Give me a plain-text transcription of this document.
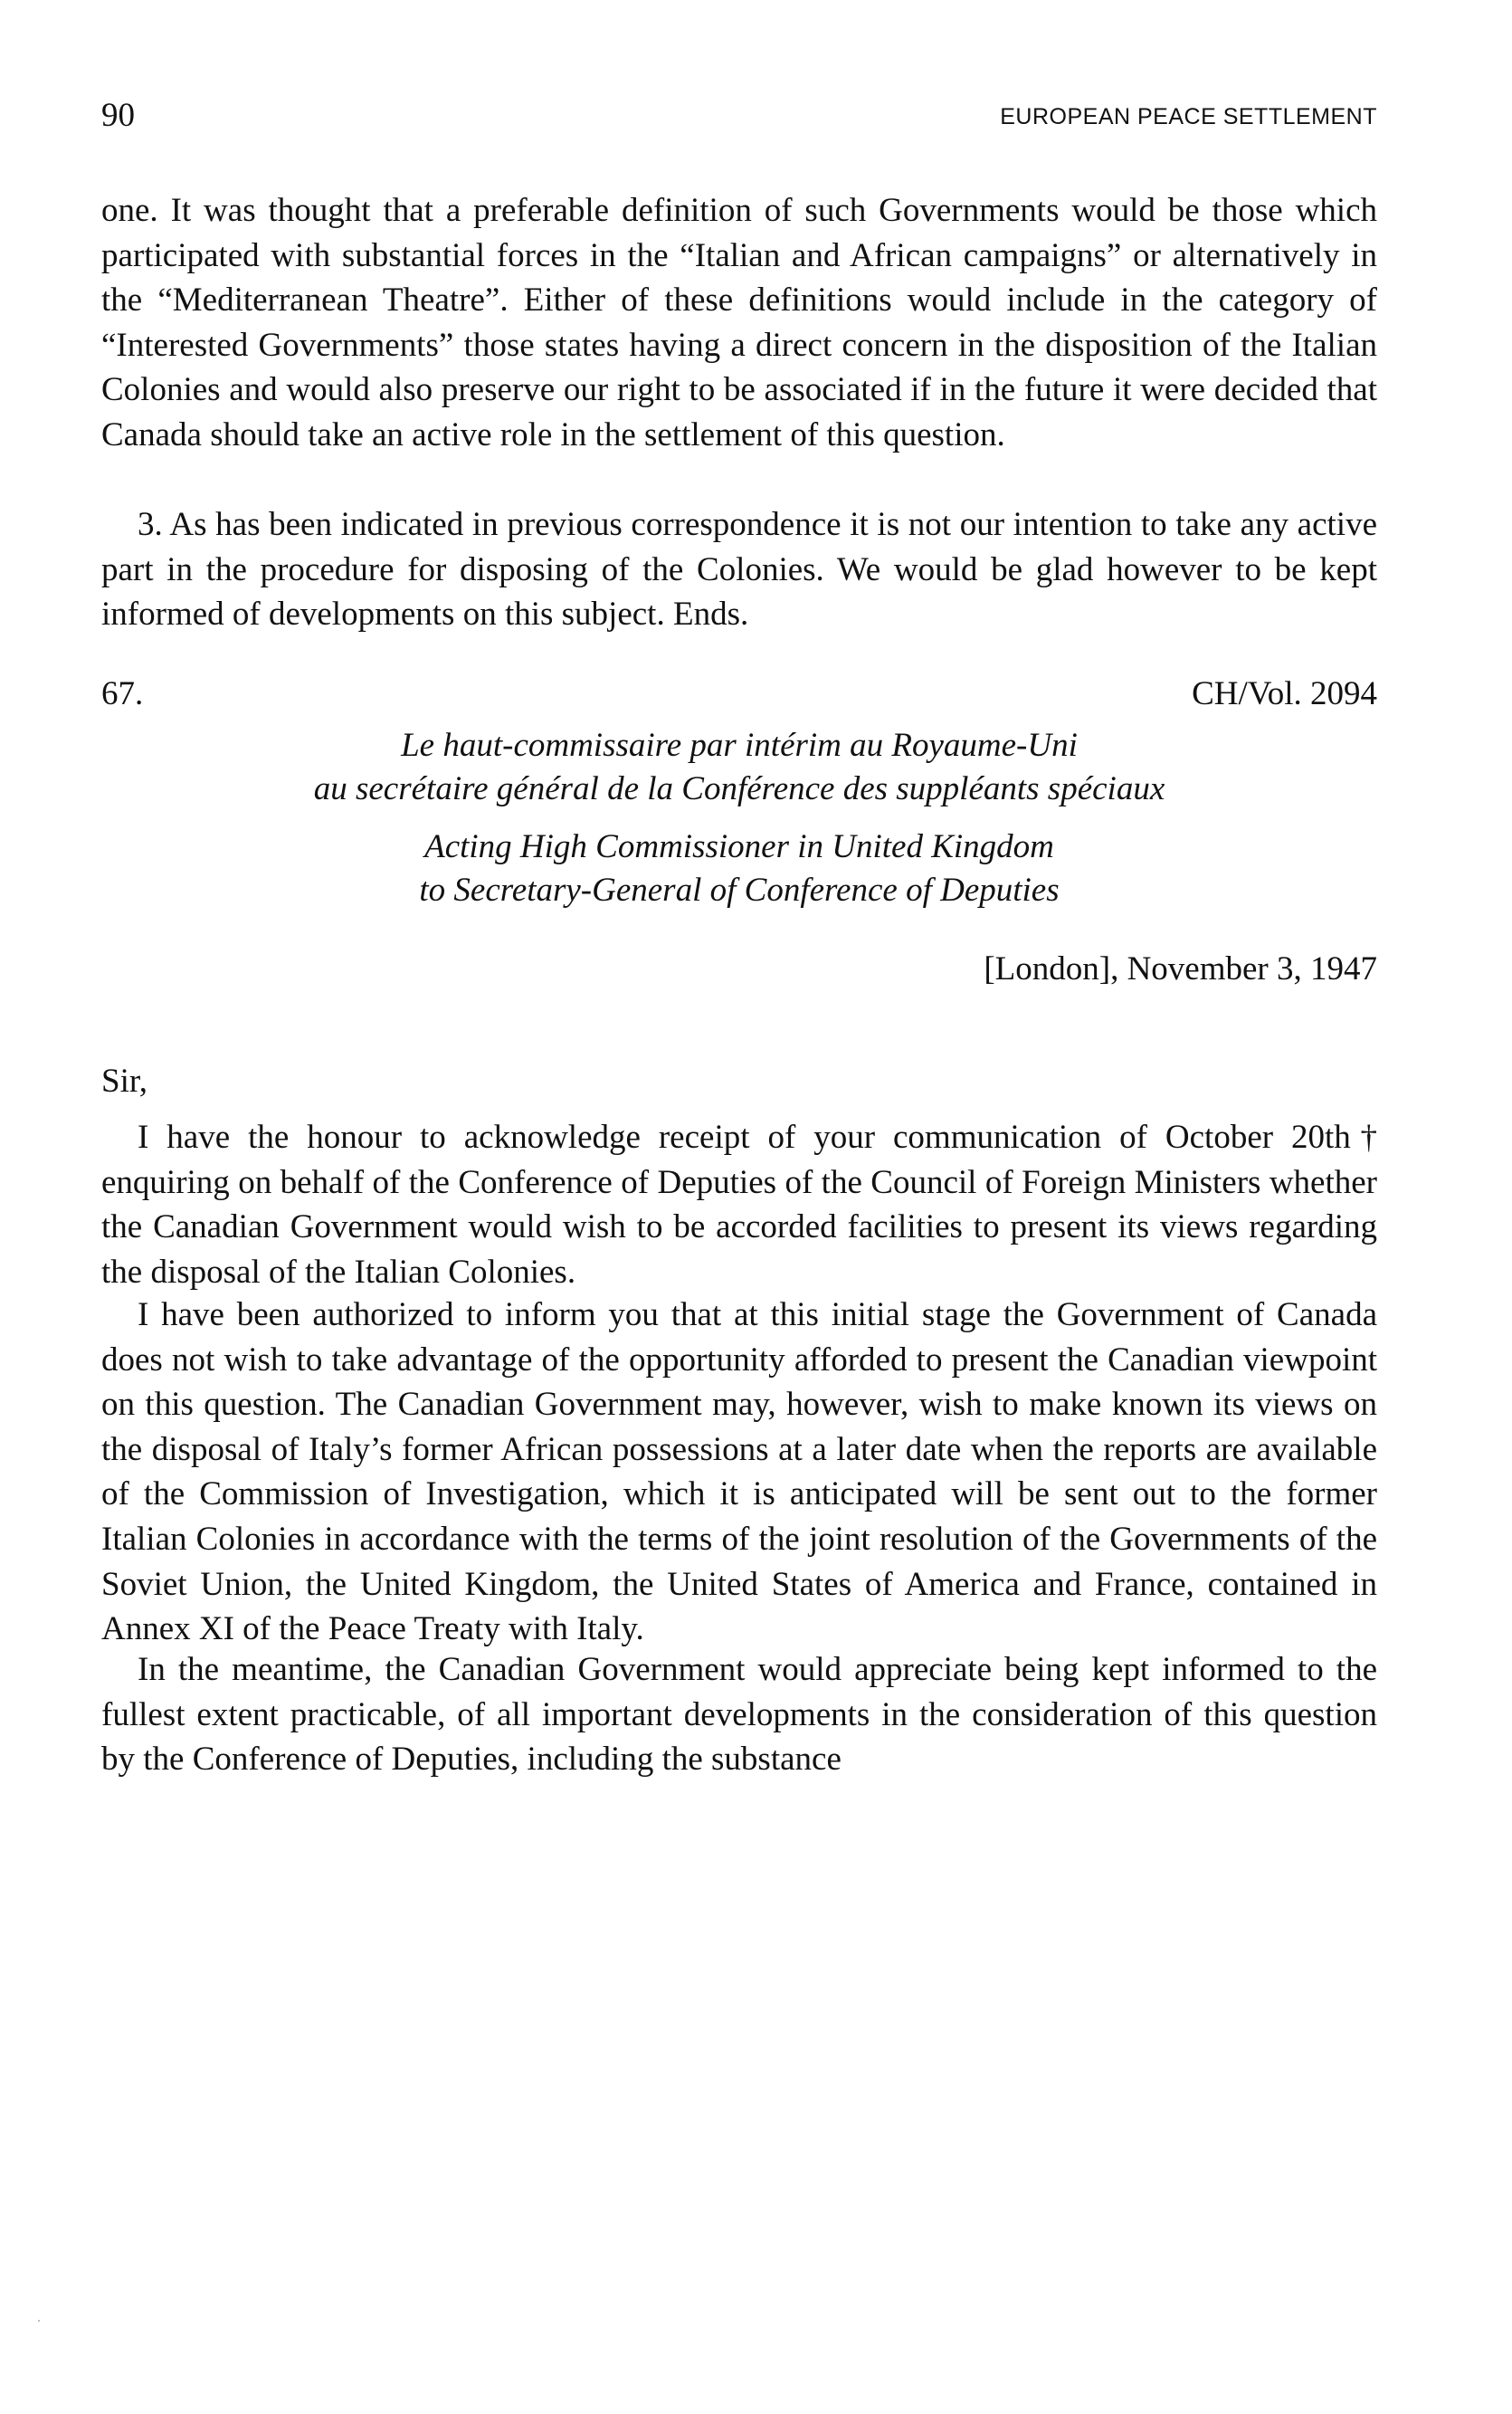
90	EUROPEAN PEACE SETTLEMENT

one. It was thought that a preferable definition of such Governments would be those which participated with substantial forces in the “Italian and African campaigns” or alternatively in the “Mediterranean Theatre”. Either of these definitions would include in the category of “Interested Governments” those states having a direct concern in the disposition of the Italian Colonies and would also preserve our right to be associated if in the future it were decided that Canada should take an active role in the settlement of this question.

3. As has been indicated in previous correspondence it is not our intention to take any active part in the procedure for disposing of the Colonies. We would be glad however to be kept informed of developments on this subject. Ends.

67.	CH/Vol. 2094
Le haut-commissaire par intérim au Royaume-Uni
au secrétaire général de la Conférence des suppléants spéciaux
Acting High Commissioner in United Kingdom
to Secretary-General of Conference of Deputies
[London], November 3, 1947
Sir,

I have the honour to acknowledge receipt of your communication of October 20th† enquiring on behalf of the Conference of Deputies of the Council of Foreign Ministers whether the Canadian Government would wish to be accorded facilities to present its views regarding the disposal of the Italian Colonies.

I have been authorized to inform you that at this initial stage the Government of Canada does not wish to take advantage of the opportunity afforded to present the Canadian viewpoint on this question. The Canadian Government may, however, wish to make known its views on the disposal of Italy’s former African possessions at a later date when the reports are available of the Commission of Investigation, which it is anticipated will be sent out to the former Italian Colonies in accordance with the terms of the joint resolution of the Governments of the Soviet Union, the United Kingdom, the United States of America and France, contained in Annex XI of the Peace Treaty with Italy.

In the meantime, the Canadian Government would appreciate being kept informed to the fullest extent practicable, of all important developments in the consideration of this question by the Conference of Deputies, including the substance
